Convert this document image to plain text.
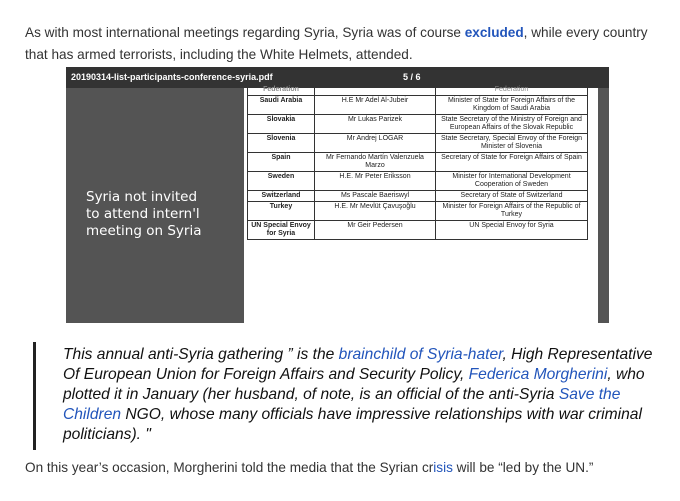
As with most international meetings regarding Syria, Syria was of course excluded, while every country that has armed terrorists, including the White Helmets, attended.

20190314-list-participants-conference-syria.pdf	5 / 6
Syria not invited
to attend intern'l
meeting on Syria
Federation		Federation
Saudi Arabia	H.E Mr Adel Al-Jubeir	Minister of State for Foreign Affairs of the Kingdom of Saudi Arabia
Slovakia	Mr Lukas Parizek	State Secretary of the Ministry of Foreign and European Affairs of the Slovak Republic
Slovenia	Mr Andrej LOGAR	State Secretary, Special Envoy of the Foreign Minister of Slovenia
Spain	Mr Fernando Martín Valenzuela Marzo	Secretary of State for Foreign Affairs of Spain
Sweden	H.E. Mr Peter Eriksson	Minister for International Development Cooperation of Sweden
Switzerland	Ms Pascale Baeriswyl	Secretary of State of Switzerland
Turkey	H.E. Mr Mevlüt Çavuşoğlu	Minister for Foreign Affairs of the Republic of Turkey
UN Special Envoy for Syria	Mr Geir Pedersen	UN Special Envoy for Syria
This annual anti-Syria gathering ” is the brainchild of Syria-hater, High Representative Of European Union for Foreign Affairs and Security Policy, Federica Morgherini, who plotted it in January (her husband, of note, is an official of the anti-Syria Save the Children NGO, whose many officials have impressive relationships with war criminal politicians). "

On this year’s occasion, Morgherini told the media that the Syrian crisis will be “led by the UN.”
